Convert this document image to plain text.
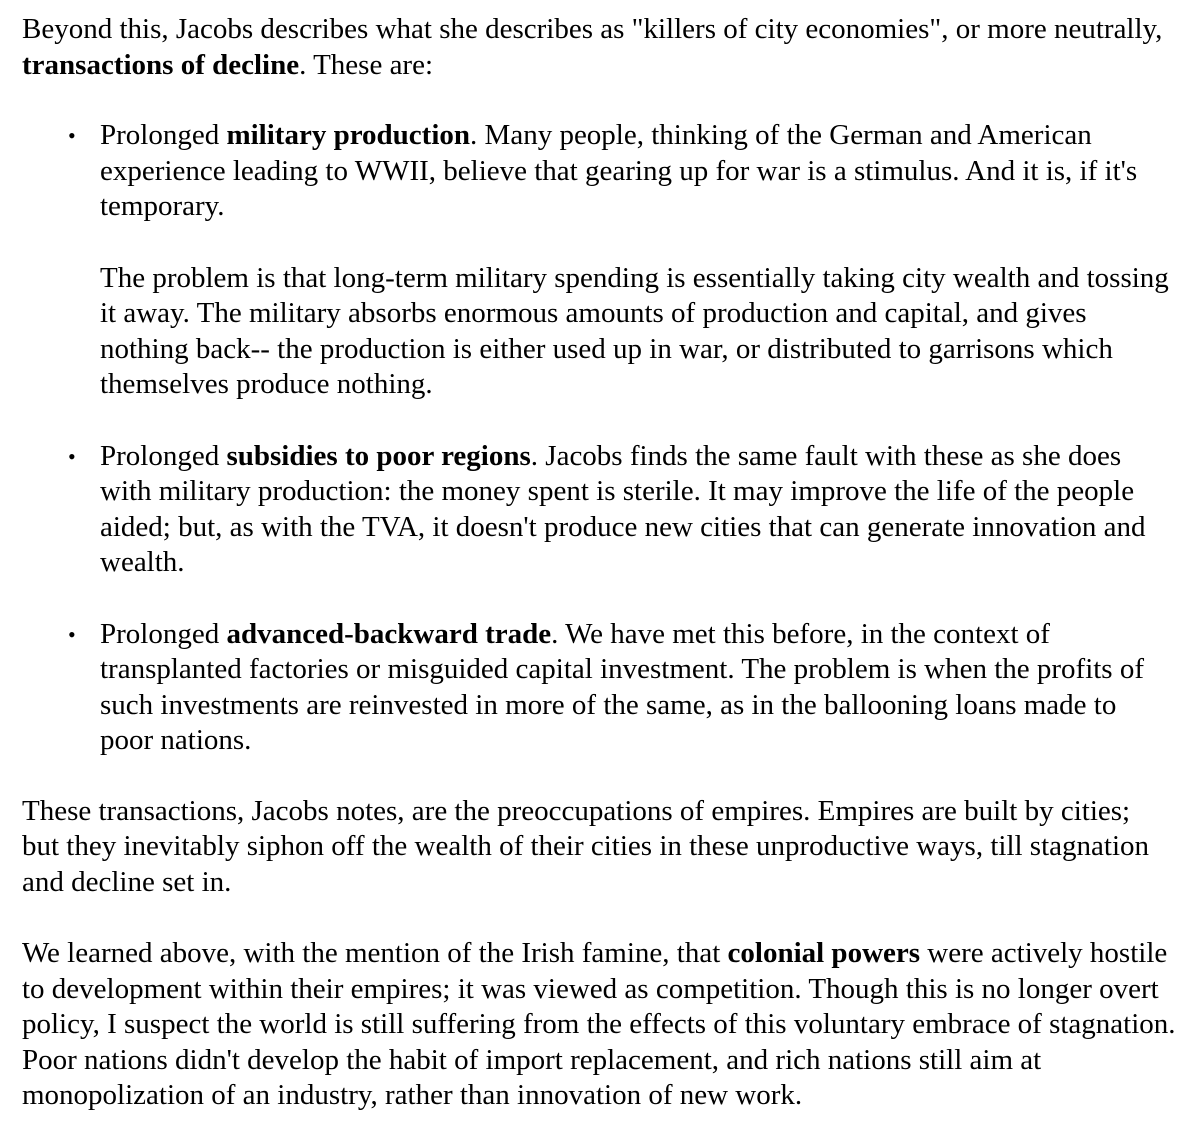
Beyond this, Jacobs describes what she describes as "killers of city economies", or more neutrally, transactions of decline. These are:

• Prolonged military production. Many people, thinking of the German and American experience leading to WWII, believe that gearing up for war is a stimulus. And it is, if it's temporary.

The problem is that long-term military spending is essentially taking city wealth and tossing it away. The military absorbs enormous amounts of production and capital, and gives nothing back-- the production is either used up in war, or distributed to garrisons which themselves produce nothing.

• Prolonged subsidies to poor regions. Jacobs finds the same fault with these as she does with military production: the money spent is sterile. It may improve the life of the people aided; but, as with the TVA, it doesn't produce new cities that can generate innovation and wealth.

• Prolonged advanced-backward trade. We have met this before, in the context of transplanted factories or misguided capital investment. The problem is when the profits of such investments are reinvested in more of the same, as in the ballooning loans made to poor nations.

These transactions, Jacobs notes, are the preoccupations of empires. Empires are built by cities; but they inevitably siphon off the wealth of their cities in these unproductive ways, till stagnation and decline set in.

We learned above, with the mention of the Irish famine, that colonial powers were actively hostile to development within their empires; it was viewed as competition. Though this is no longer overt policy, I suspect the world is still suffering from the effects of this voluntary embrace of stagnation. Poor nations didn't develop the habit of import replacement, and rich nations still aim at monopolization of an industry, rather than innovation of new work.
